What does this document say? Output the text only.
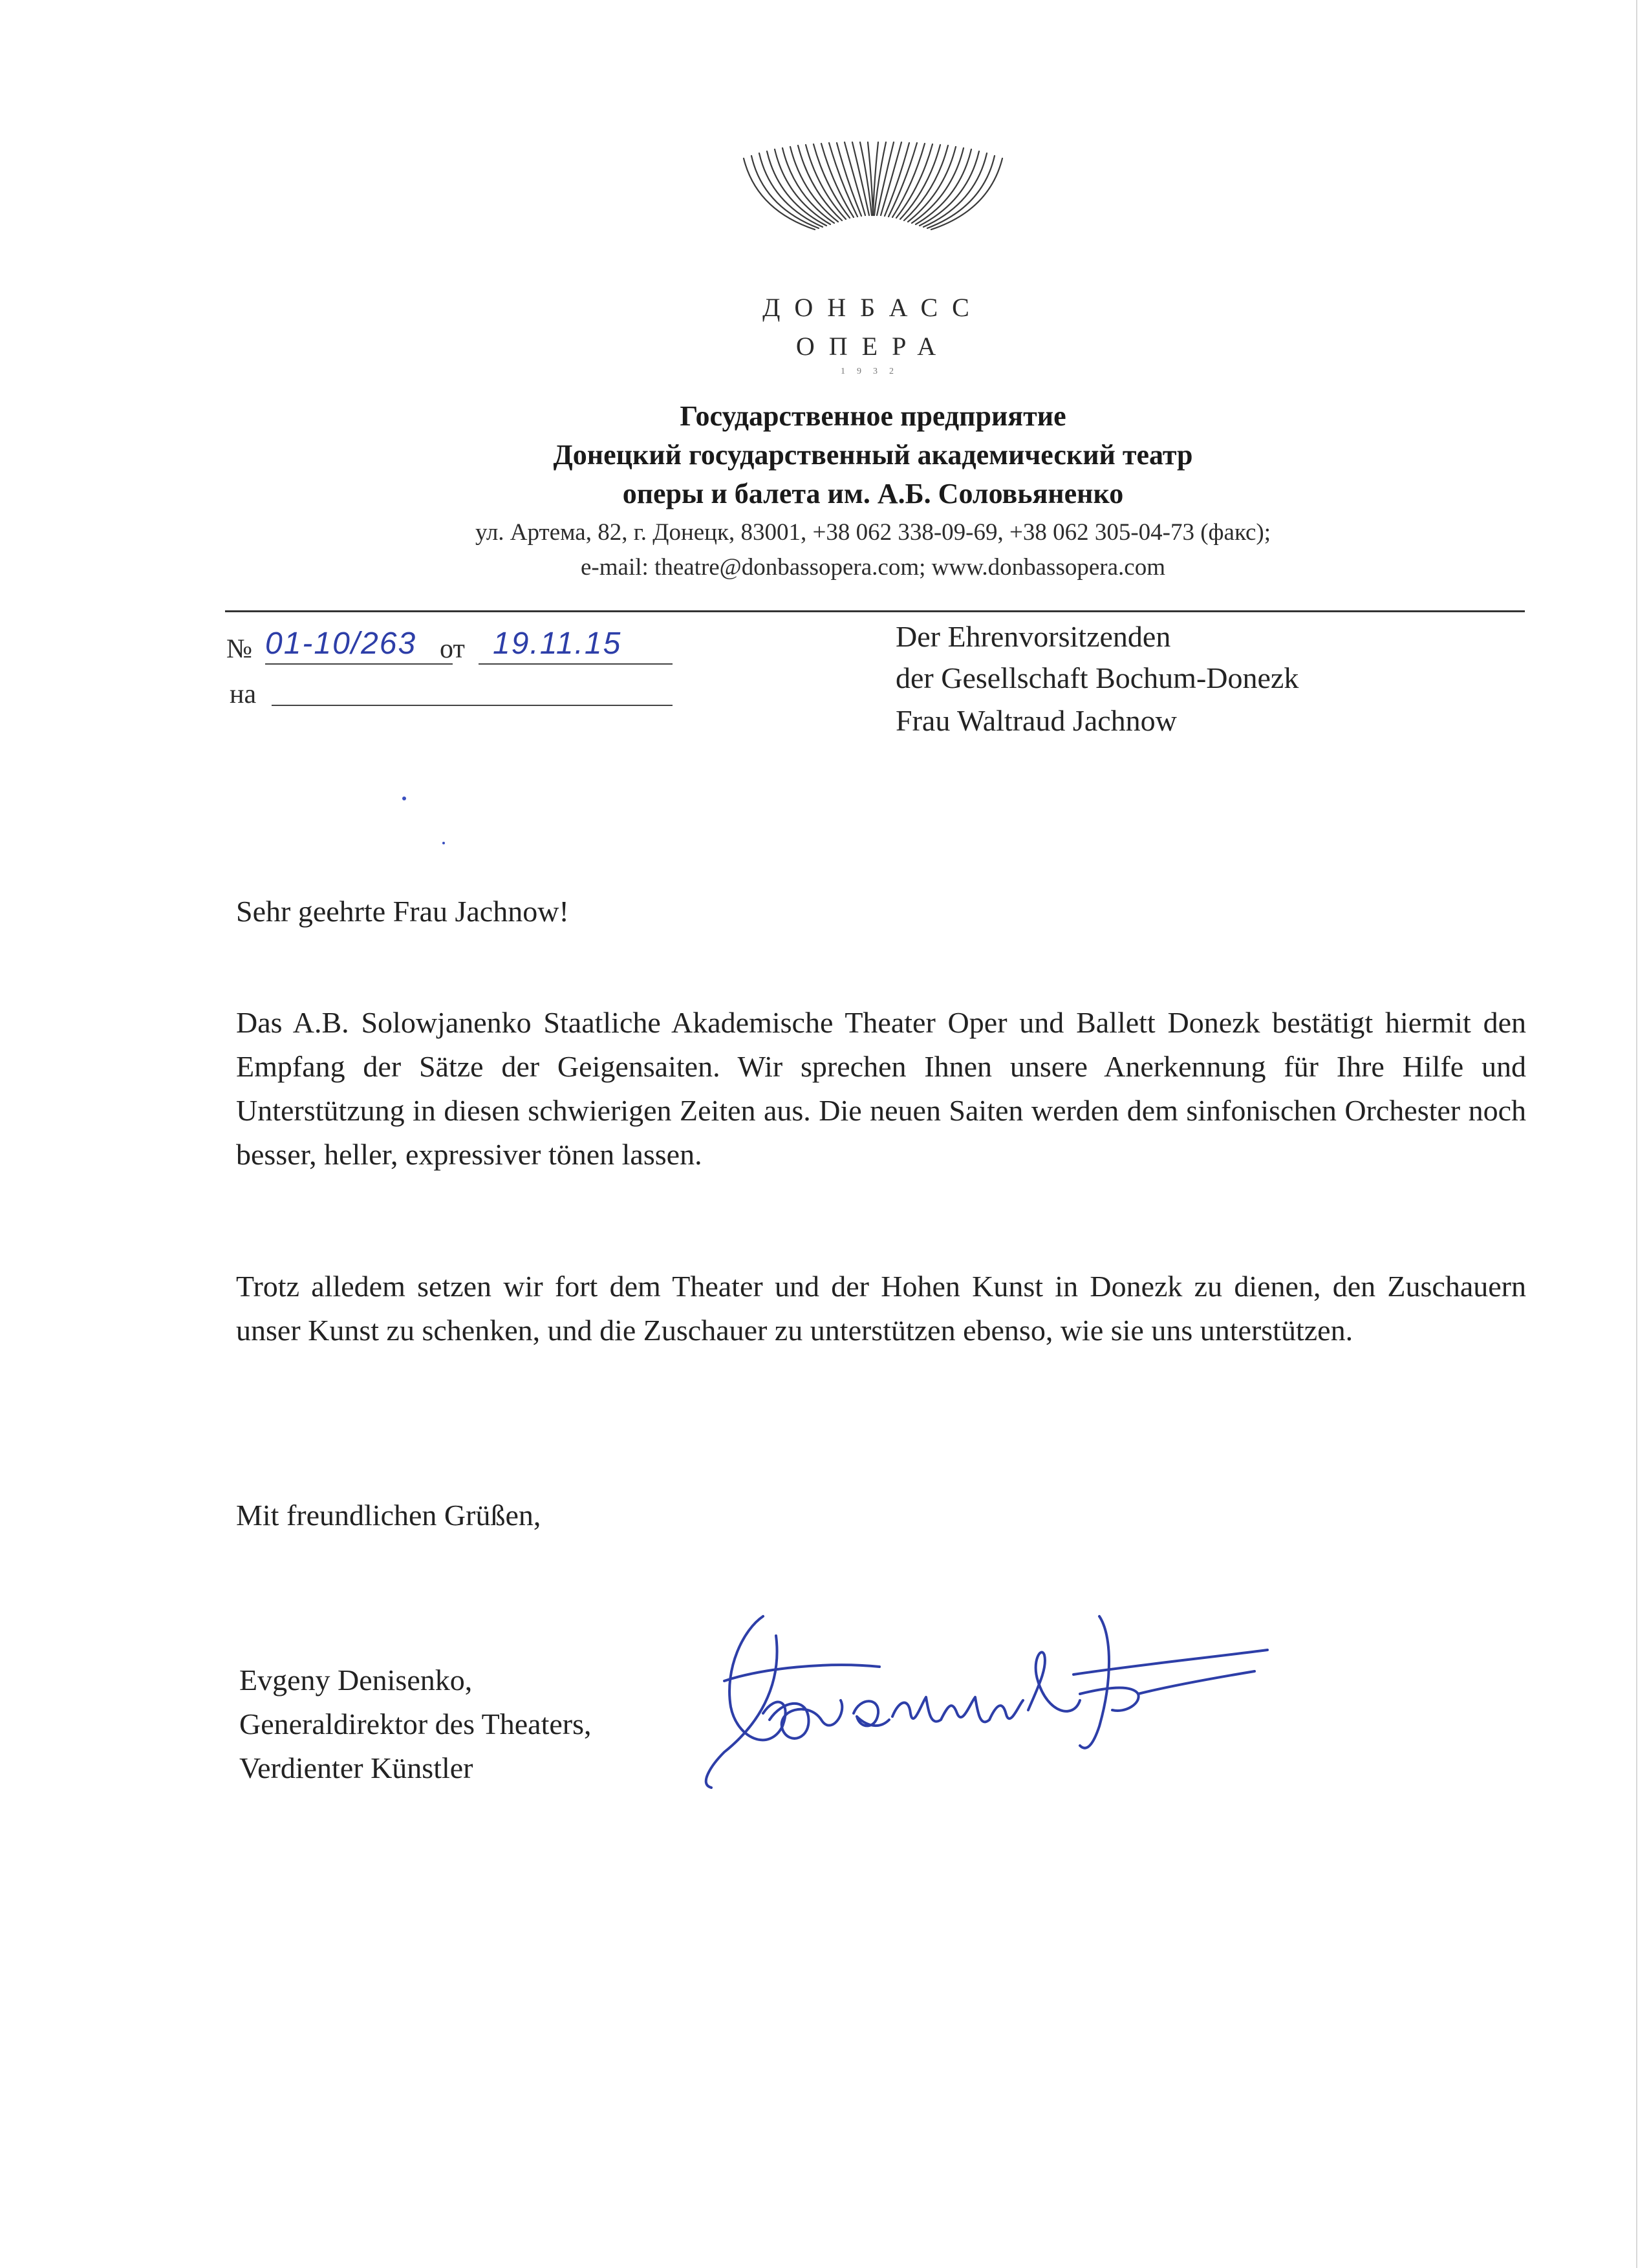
ДОНБАСС
ОПЕРА
1932
Государственное предприятие
Донецкий государственный академический театр
оперы и балета им. А.Б. Соловьяненко
ул. Артема, 82, г. Донецк, 83001, +38 062 338-09-69, +38 062 305-04-73 (факс);
e-mail: theatre@donbassopera.com; www.donbassopera.com
№ 01-10/263 от 19.11.15
на
Der Ehrenvorsitzenden
der Gesellschaft Bochum-Donezk
Frau Waltraud Jachnow
Sehr geehrte Frau Jachnow!
Das A.B. Solowjanenko Staatliche Akademische Theater Oper und Ballett Donezk bestätigt hiermit den Empfang der Sätze der Geigensaiten. Wir sprechen Ihnen unsere Anerkennung für Ihre Hilfe und Unterstützung in diesen schwierigen Zeiten aus. Die neuen Saiten werden dem sinfonischen Orchester noch besser, heller, expressiver tönen lassen.
Trotz alledem setzen wir fort dem Theater und der Hohen Kunst in Donezk zu dienen, den Zuschauern unser Kunst zu schenken, und die Zuschauer zu unterstützen ebenso, wie sie uns unterstützen.
Mit freundlichen Grüßen,
Evgeny Denisenko,
Generaldirektor des Theaters,
Verdienter Künstler
